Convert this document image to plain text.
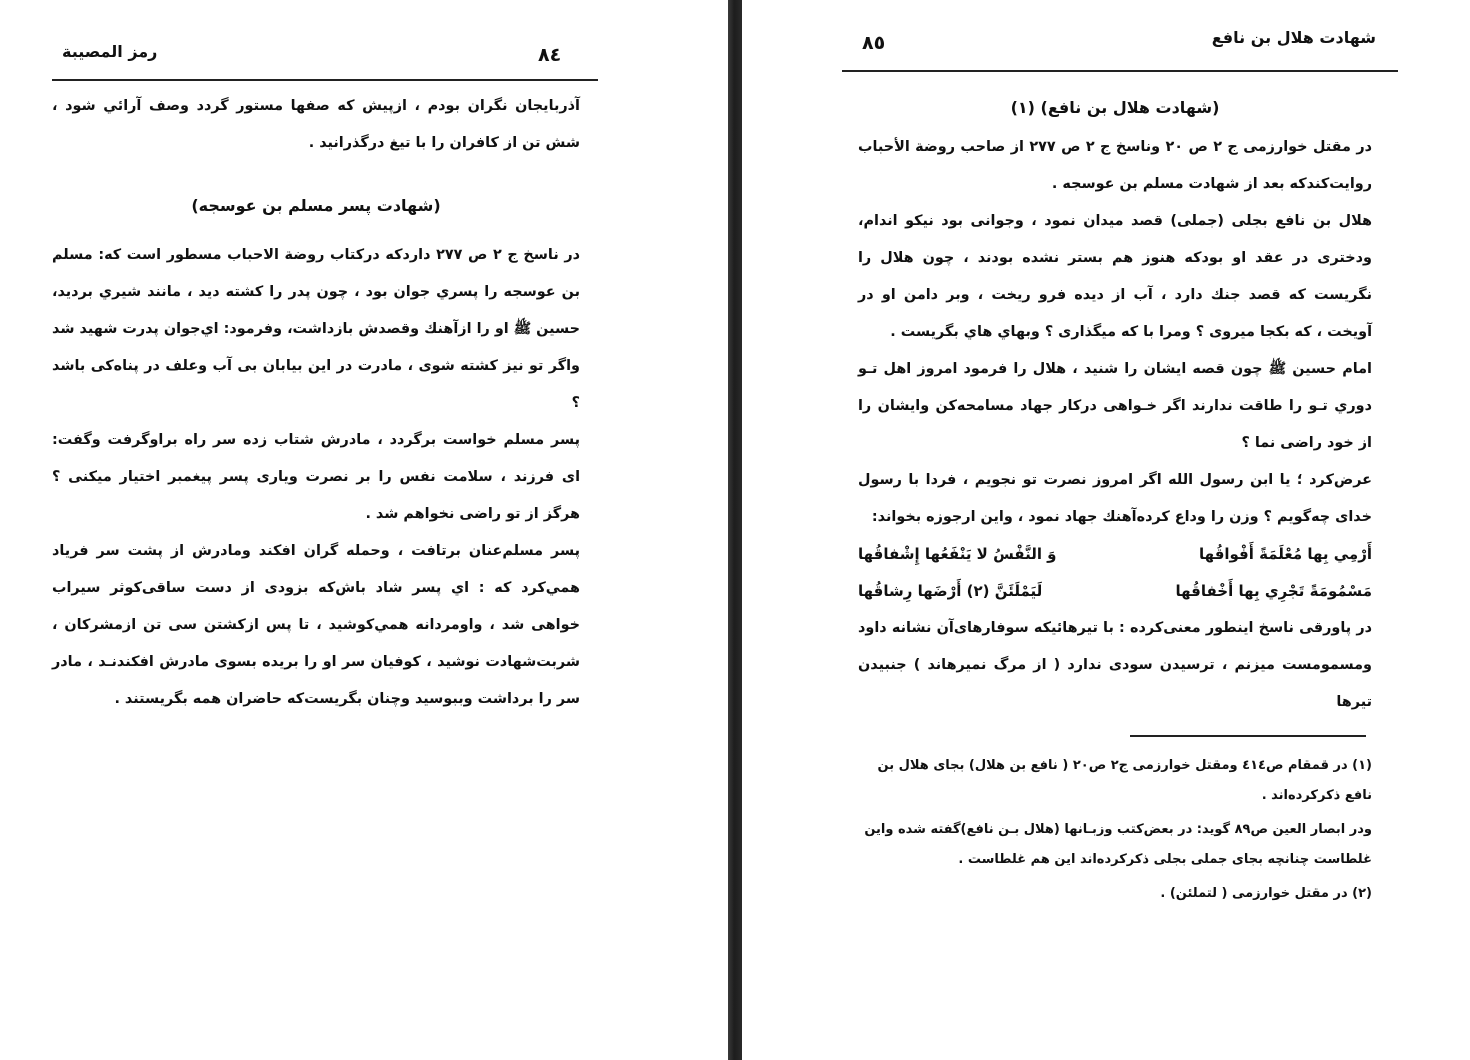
٨٤
رمز المصيبة

آذربايجان نگران بودم ، ازپيش كه صفها مستور گردد وصف آرائي شود ، شش تن از كافران را با تيغ درگذرانيد .

(شهادت پسر مسلم بن عوسجه)

در ناسخ ج ٢ ص ٢٧٧ داردكه دركتاب روضة الاحباب مسطور است كه: مسلم بن عوسجه را پسري جوان بود ، چون پدر را كشته ديد ، مانند شيري برديد، حسين ﷺ او را ازآهنك وقصدش بازداشت، وفرمود: اي‌جوان پدرت شهيد شد واگر تو نيز كشته شوى ، مادرت در اين بيابان بى آب وعلف در پناه‌كى باشد ؟

پسر مسلم خواست برگردد ، مادرش شتاب زده سر راه براوگرفت وگفت: اى فرزند ، سلامت نفس را بر نصرت وياری پسر پيغمبر اختيار ميكنى ؟ هرگز از تو راضى نخواهم شد .

پسر مسلم‌عنان برتافت ، وحمله گران افكند ومادرش از پشت سر فرياد همي‌كرد كه : اي پسر شاد باش‌كه بزودى از دست ساقى‌كوثر سيراب خواهى شد ، واومردانه همي‌كوشيد ، تا پس ازكشتن سى تن ازمشركان ، شربت‌شهادت نوشيد ، كوفيان سر او را بريده بسوى مادرش افكندنـد ، مادر سر را برداشت وببوسيد وچنان بگريست‌كه حاضران همه بگريستند .

شهادت هلال بن نافع
٨٥

(شهادت هلال بن نافع) (١)

در مقتل خوارزمى ج ٢ ص ٢٠ وناسخ ج ٢ ص ٢٧٧ از صاحب روضة الأحباب روايت‌كندكه بعد از شهادت مسلم بن عوسجه .

هلال بن نافع بجلى (جملى) قصد ميدان نمود ، وجوانى بود نيكو اندام، ودخترى در عقد او بودكه هنوز هم بستر نشده بودند ، چون هلال را نگريست كه قصد جنك دارد ، آب از ديده فرو ريخت ، وبر دامن او در آويخت ، كه بكجا ميروى ؟ ومرا با كه ميگذارى ؟ وبهاي هاي بگريست .

امام حسين ﷺ چون قصه ايشان را شنيد ، هلال را فرمود امروز اهل تـو دوري تـو را طاقت ندارند اگر خـواهى دركار جهاد مسامحه‌كن وايشان را از خود راضى نما ؟

عرض‌كرد ؛ يا ابن رسول الله اگر امروز نصرت تو نجويم ، فردا با رسول خداى چه‌گويم ؟ وزن را وداع كرده‌آهنك جهاد نمود ، واين ارجوزه بخواند:

أَرْمِي بِها مُعْلَمَةً أَفْواقُها
وَ النَّفْسُ لا يَنْفَعُها إِشْفاقُها
مَسْمُومَةً تَجْرِي بِها أَخْفاقُها
لَيَمْلَئَنَّ (٢) أَرْضَها رِشاقُها

در پاورقى ناسخ اينطور معنى‌كرده : با تيرهائيكه سوفارهاى‌آن نشانه داود ومسمومست ميزنم ، ترسيدن سودى ندارد ( از مرگ نميرهاند ) جنبيدن تيرها

(١) در قمقام ص٤١٤ ومقتل خوارزمى ج٢ ص٢٠ ( نافع بن هلال) بجاى هلال بن نافع ذكركرده‌اند .

ودر ابصار العين ص٨٩ گويد: در بعض‌كتب وزبـانها (هلال بـن نافع)گفته شده واين غلطاست چنانچه بجاى جملى بجلى ذكركرده‌اند اين هم غلطاست .

(٢) در مقتل خوارزمى ( لتملئن) .
